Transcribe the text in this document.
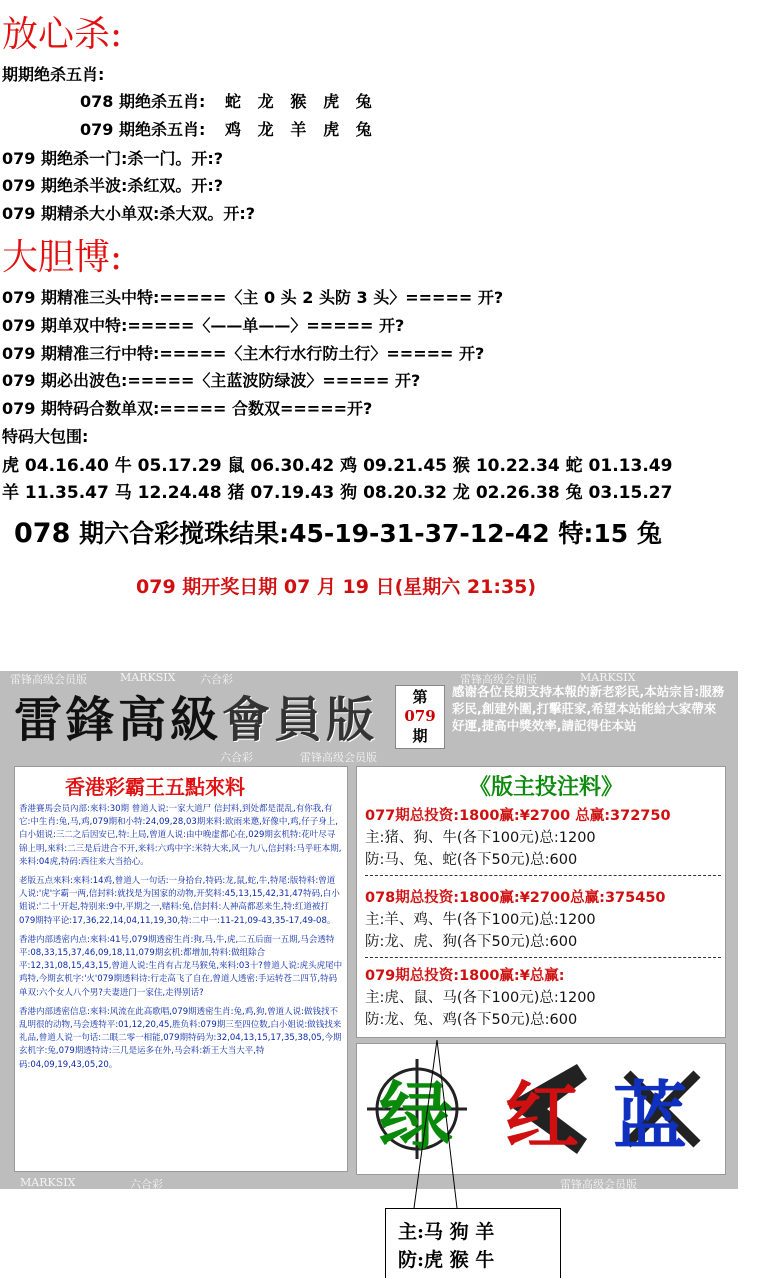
放心杀:
期期绝杀五肖:
078 期绝杀五肖: 蛇   龙   猴   虎   兔
079 期绝杀五肖: 鸡   龙   羊   虎   兔
079 期绝杀一门:杀一门。开:?
079 期绝杀半波:杀红双。开:?
079 期精杀大小单双:杀大双。开:?
大胆博:
079 期精准三头中特:=====〈主 0 头 2 头防 3 头〉===== 开?
079 期单双中特:=====〈——单——〉===== 开?
079 期精准三行中特:=====〈主木行水行防土行〉===== 开?
079 期必出波色:=====〈主蓝波防绿波〉===== 开?
079 期特码合数单双:===== 合数双=====开?
特码大包围:
虎 04.16.40 牛 05.17.29 鼠 06.30.42 鸡 09.21.45 猴 10.22.34 蛇 01.13.49
羊 11.35.47 马 12.24.48 猪 07.19.43 狗 08.20.32 龙 02.26.38 兔 03.15.27
078 期六合彩搅珠结果:45-19-31-37-12-42 特:15 兔
079 期开奖日期 07 月 19 日(星期六 21:35)
雷锋高级会员版	MARKSIX 六合彩	雷锋高级会员版	MARKSIX
六合彩	雷锋高级会员版
MARKSIX	六合彩	雷锋高级会员版
雷鋒高級會員版	第
079
期
感谢各位長期支持本報的新老彩民,本站宗旨:服務彩民,創建外圍,打擊莊家,希望本站能給大家帶來好運,捷高中獎效率,請記得住本站
香港彩霸王五點來料

香港賽馬会员內部:來料:30期 曾道人说:一家大道尸 信封料,到处都是混乱,有你我,有它:中生肖:兔,马,鸡,079期和小特:24,09,28,03期来料:欧雨来邀,好像中,鸡,仔子身上,白小姐说:三二之后因安已,特:上局,曾道人说:由中晚虚都心在,029期玄机特:花叶尽寻锦上明,來料:二三是后进合不开,来料:六鸡中字:米特大来,风一九八,信封料:马乎旺本期,来料:04虎,特码:西往来大当拾心。

老版五点來料:來料:14鸡,曾道人一句话:一身拾台,特码:龙,鼠,蛇,牛,特尾:版特料:曾道人说:'虎'字霸一两,信封料:就找是为国家的动物,开奖料:45,13,15,42,31,47特码,白小姐说:'二十'开起,特别来:9中,平期之一,赌料:兔,信封料:人神高都恶来生,特:红道被打079期特平论:17,36,22,14,04,11,19,30,特:二中一:11-21,09-43,35-17,49-08。

香港内部透密内点:來料:41号,079期透密生肖:狗,马,牛,虎,二五后面一五期,马会透特平:08,33,15,37,46,09,18,11,079期玄机:都增加,特料:做组除合平:12,31,08,15,43,15,曾道人说:生肖有占龙马猴兔,來料:03十?曾道人说:虎头虎尾中鸡特,今期玄机字:'火'079期透料诗:行走高飞了自在,曾道人透密:手运转苍二四节,特码单双:六个女人八个男?夫妻进门一家住,走得别话?

香港内部透密信息:來料:风流在此高歌唱,079期透密生肖:兔,鸡,狗,曾道人说:做钱找不乱明很的动物,马会透特平:01,12,20,45,胜负料:079期三至四位数,白小姐说:做钱找来礼品,曾道人说一句话:二眼二零一相能,079期特码为:32,04,13,15,17,35,38,05,今期玄机字:兔,079期透特诗:三几是运多在外,马会料:新王大当大平,特码:04,09,19,43,05,20。

《版主投注料》
077期总投资:1800赢:¥2700 总赢:372750
主:猪、狗、牛(各下100元)总:1200
防:马、兔、蛇(各下50元)总:600
078期总投资:1800赢:¥2700总赢:375450
主:羊、鸡、牛(各下100元)总:1200
防:龙、虎、狗(各下50元)总:600
079期总投资:1800赢:¥总赢:
主:虎、鼠、马(各下100元)总:1200
防:龙、兔、鸡(各下50元)总:600
绿 红 蓝
主:马 狗 羊
防:虎 猴 牛
